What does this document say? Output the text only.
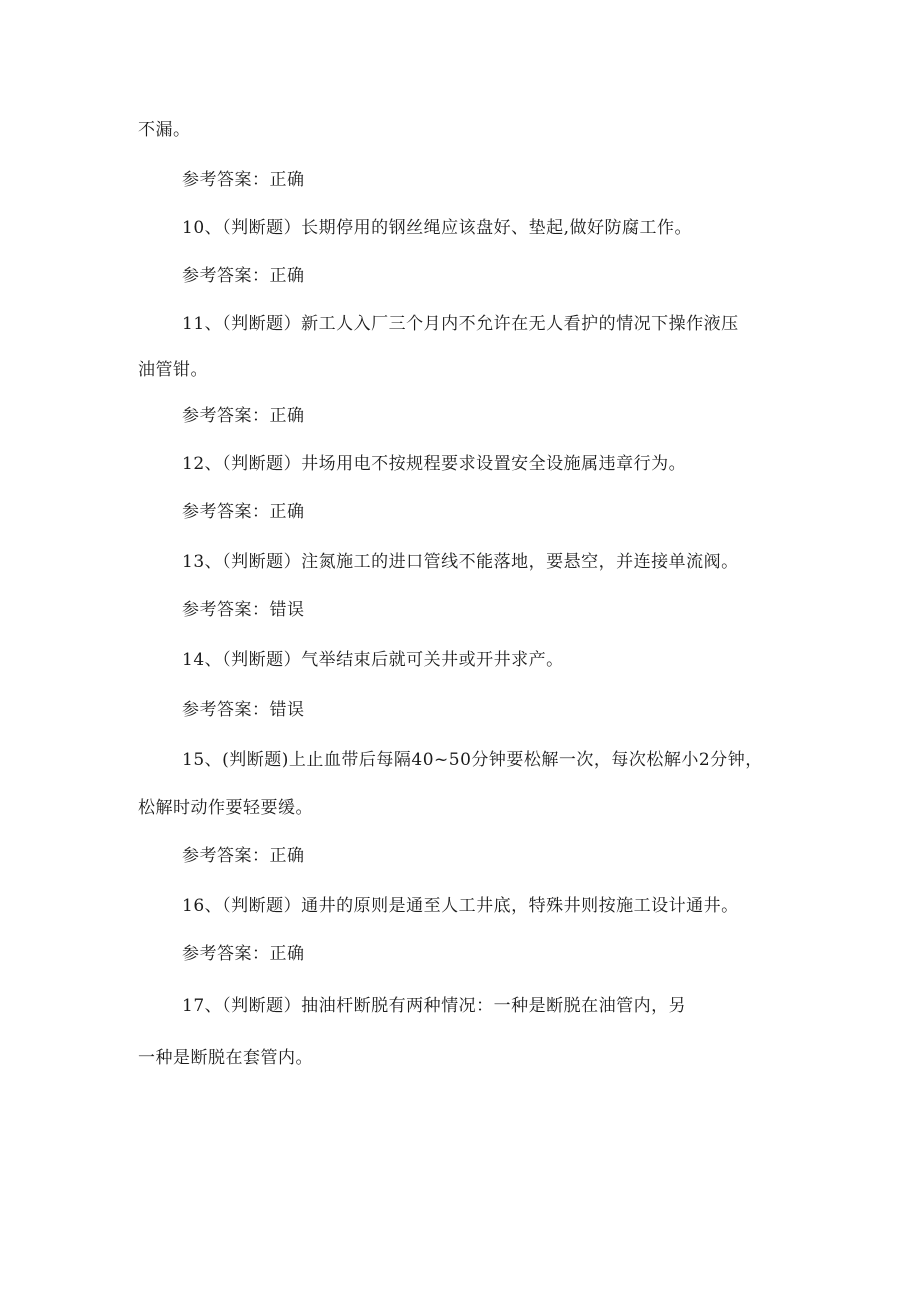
不漏。
参考答案：正确
10、（判断题）长期停用的钢丝绳应该盘好、垫起,做好防腐工作。
参考答案：正确
11、（判断题）新工人入厂三个月内不允许在无人看护的情况下操作液压
油管钳。
参考答案：正确
12、（判断题）井场用电不按规程要求设置安全设施属违章行为。
参考答案：正确
13、（判断题）注氮施工的进口管线不能落地，要悬空，并连接单流阀。
参考答案：错误
14、（判断题）气举结束后就可关井或开井求产。
参考答案：错误
15、(判断题)上止血带后每隔40~50分钟要松解一次，每次松解小2分钟，
松解时动作要轻要缓。
参考答案：正确
16、（判断题）通井的原则是通至人工井底，特殊井则按施工设计通井。
参考答案：正确
17、（判断题）抽油杆断脱有两种情况：一种是断脱在油管内，另
一种是断脱在套管内。
